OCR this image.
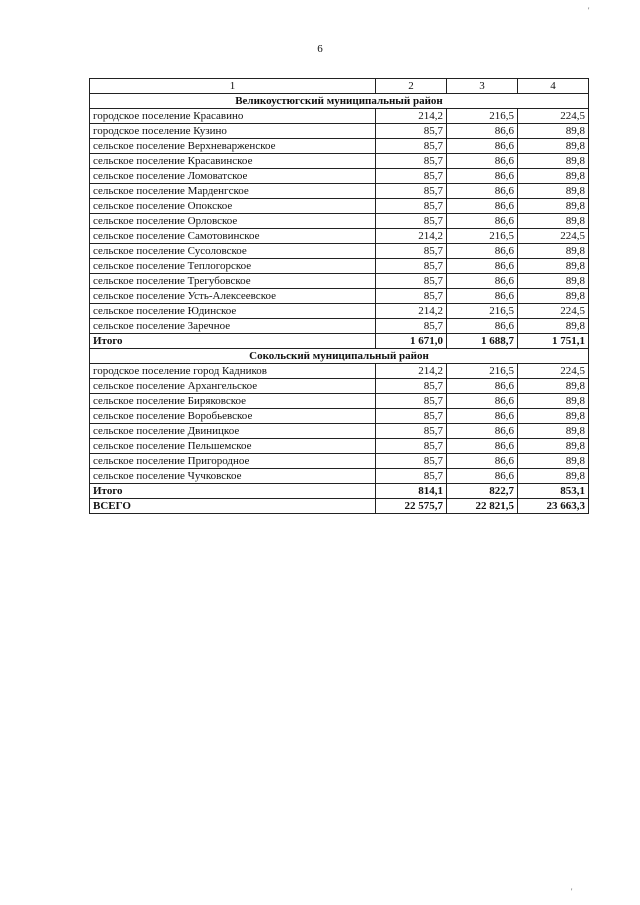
6
'
'
1	2	3	4
Великоустюгский муниципальный район			
городское поселение Красавино	214,2	216,5	224,5
городское поселение Кузино	85,7	86,6	89,8
сельское поселение Верхневарженское	85,7	86,6	89,8
сельское поселение Красавинское	85,7	86,6	89,8
сельское поселение Ломоватское	85,7	86,6	89,8
сельское поселение Марденгское	85,7	86,6	89,8
сельское поселение Опокское	85,7	86,6	89,8
сельское поселение Орловское	85,7	86,6	89,8
сельское поселение Самотовинское	214,2	216,5	224,5
сельское поселение Сусоловское	85,7	86,6	89,8
сельское поселение Теплогорское	85,7	86,6	89,8
сельское поселение Трегубовское	85,7	86,6	89,8
сельское поселение Усть-Алексеевское	85,7	86,6	89,8
сельское поселение Юдинское	214,2	216,5	224,5
сельское поселение Заречное	85,7	86,6	89,8
Итого	1 671,0	1 688,7	1 751,1
Сокольский муниципальный район			
городское поселение город Кадников	214,2	216,5	224,5
сельское поселение Архангельское	85,7	86,6	89,8
сельское поселение Биряковское	85,7	86,6	89,8
сельское поселение Воробьевское	85,7	86,6	89,8
сельское поселение Двиницкое	85,7	86,6	89,8
сельское поселение Пельшемское	85,7	86,6	89,8
сельское поселение Пригородное	85,7	86,6	89,8
сельское поселение Чучковское	85,7	86,6	89,8
Итого	814,1	822,7	853,1
ВСЕГО	22 575,7	22 821,5	23 663,3
